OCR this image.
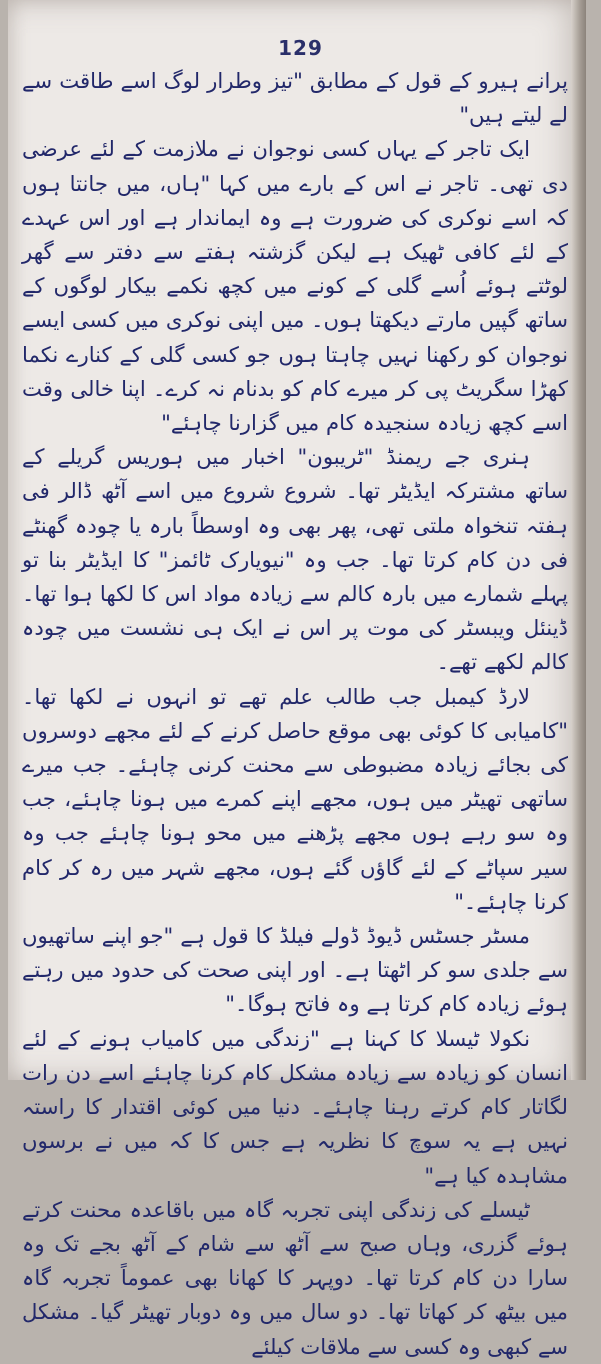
129

پرانے ہیرو کے قول کے مطابق "تیز وطرار لوگ اسے طاقت سے لے لیتے ہیں"

ایک تاجر کے یہاں کسی نوجوان نے ملازمت کے لئے عرضی دی تھی۔ تاجر نے اس کے بارے میں کہا "ہاں، میں جانتا ہوں کہ اسے نوکری کی ضرورت ہے وہ ایماندار ہے اور اس عہدے کے لئے کافی ٹھیک ہے لیکن گزشتہ ہفتے سے دفتر سے گھر لوٹتے ہوئے اُسے گلی کے کونے میں کچھ نکمے بیکار لوگوں کے ساتھ گپیں مارتے دیکھتا ہوں۔ میں اپنی نوکری میں کسی ایسے نوجوان کو رکھنا نہیں چاہتا ہوں جو کسی گلی کے کنارے نکما کھڑا سگریٹ پی کر میرے کام کو بدنام نہ کرے۔ اپنا خالی وقت اسے کچھ زیادہ سنجیدہ کام میں گزارنا چاہئے"

ہنری جے ریمنڈ "ٹریبون" اخبار میں ہوریس گریلے کے ساتھ مشترکہ ایڈیٹر تھا۔ شروع شروع میں اسے آٹھ ڈالر فی ہفتہ تنخواہ ملتی تھی، پھر بھی وہ اوسطاً بارہ یا چودہ گھنٹے فی دن کام کرتا تھا۔ جب وہ "نیویارک ٹائمز" کا ایڈیٹر بنا تو پہلے شمارے میں بارہ کالم سے زیادہ مواد اس کا لکھا ہوا تھا۔ ڈینئل ویبسٹر کی موت پر اس نے ایک ہی نشست میں چودہ کالم لکھے تھے۔

لارڈ کیمبل جب طالب علم تھے تو انہوں نے لکھا تھا۔ "کامیابی کا کوئی بھی موقع حاصل کرنے کے لئے مجھے دوسروں کی بجائے زیادہ مضبوطی سے محنت کرنی چاہئے۔ جب میرے ساتھی تھیٹر میں ہوں، مجھے اپنے کمرے میں ہونا چاہئے، جب وہ سو رہے ہوں مجھے پڑھنے میں محو ہونا چاہئے جب وہ سیر سپاٹے کے لئے گاؤں گئے ہوں، مجھے شہر میں رہ کر کام کرنا چاہئے۔"

مسٹر جسٹس ڈیوڈ ڈولے فیلڈ کا قول ہے "جو اپنے ساتھیوں سے جلدی سو کر اٹھتا ہے۔ اور اپنی صحت کی حدود میں رہتے ہوئے زیادہ کام کرتا ہے وہ فاتح ہوگا۔"

نکولا ٹیسلا کا کہنا ہے "زندگی میں کامیاب ہونے کے لئے انسان کو زیادہ سے زیادہ مشکل کام کرنا چاہئے اسے دن رات لگاتار کام کرتے رہنا چاہئے۔ دنیا میں کوئی اقتدار کا راستہ نہیں ہے یہ سوچ کا نظریہ ہے جس کا کہ میں نے برسوں مشاہدہ کیا ہے"

ٹیسلے کی زندگی اپنی تجربہ گاہ میں باقاعدہ محنت کرتے ہوئے گزری، وہاں صبح سے آٹھ سے شام کے آٹھ بجے تک وہ سارا دن کام کرتا تھا۔ دوپہر کا کھانا بھی عموماً تجربہ گاہ میں بیٹھ کر کھاتا تھا۔ دو سال میں وہ دوبار تھیٹر گیا۔ مشکل سے کبھی وہ کسی سے ملاقات کیلئے
